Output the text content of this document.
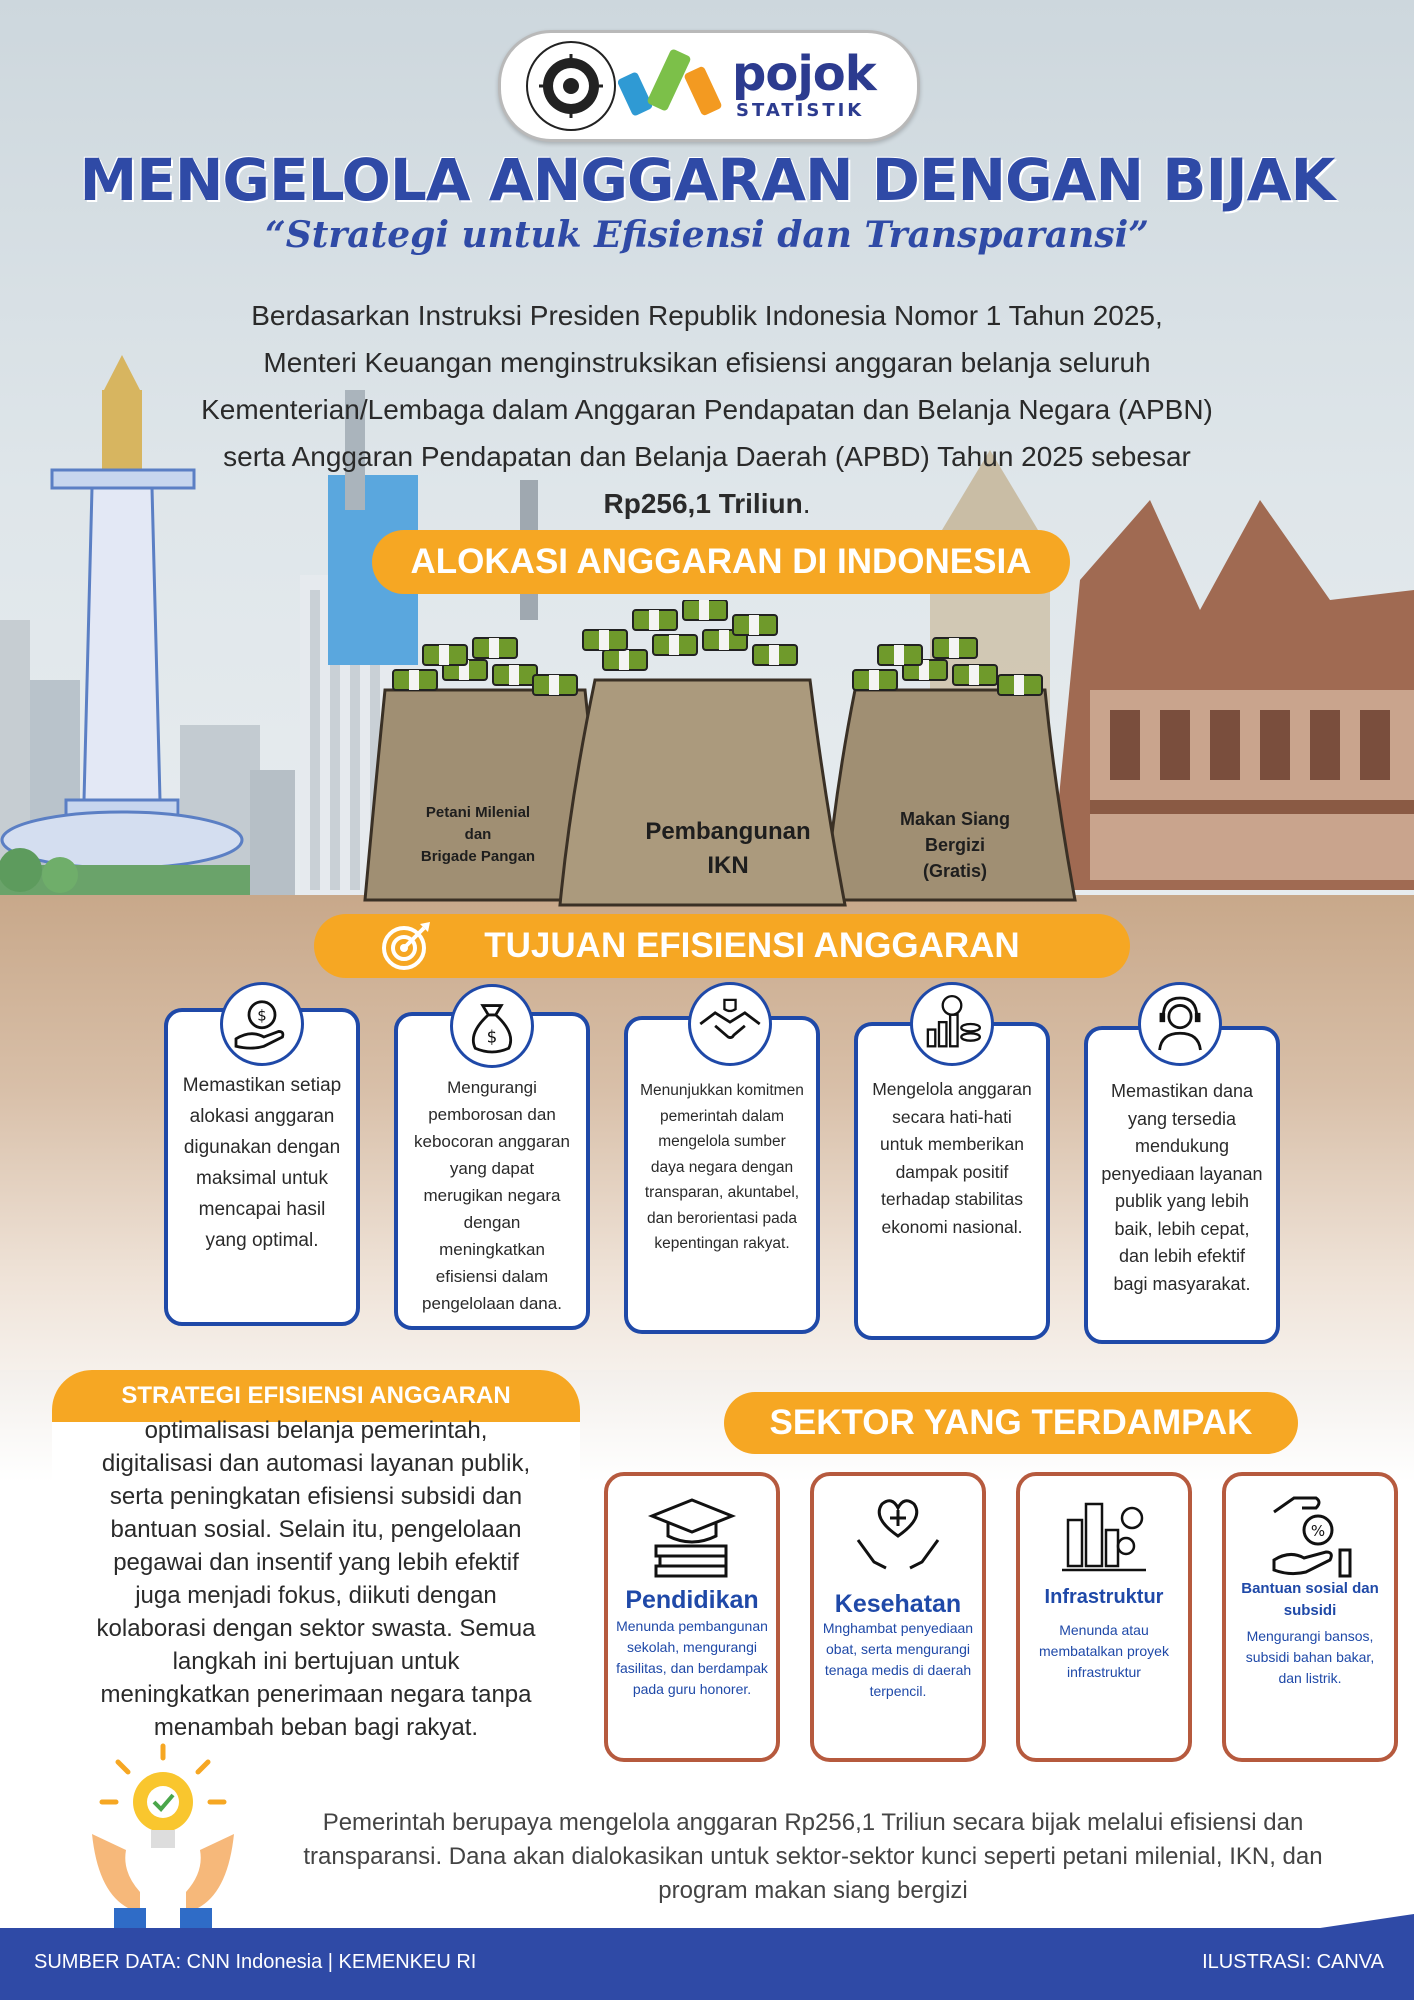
pojok
STATISTIK
MENGELOLA ANGGARAN DENGAN BIJAK
“Strategi untuk Efisiensi dan Transparansi”
Berdasarkan Instruksi Presiden Republik Indonesia Nomor 1 Tahun 2025,
Menteri Keuangan menginstruksikan efisiensi anggaran belanja seluruh
Kementerian/Lembaga dalam Anggaran Pendapatan dan Belanja Negara (APBN)
serta Anggaran Pendapatan dan Belanja Daerah (APBD) Tahun 2025 sebesar
Rp256,1 Triliun.
ALOKASI ANGGARAN DI INDONESIA
Petani Milenial
dan
Brigade Pangan
Pembangunan
IKN
Makan Siang
Bergizi
(Gratis)
TUJUAN EFISIENSI ANGGARAN
Memastikan setiap alokasi anggaran digunakan dengan maksimal untuk mencapai hasil yang optimal.
$
Mengurangi pemborosan dan kebocoran anggaran yang dapat merugikan negara dengan meningkatkan efisiensi dalam pengelolaan dana.
$
Menunjukkan komitmen pemerintah dalam mengelola sumber daya negara dengan transparan, akuntabel, dan berorientasi pada kepentingan rakyat.
Mengelola anggaran secara hati-hati untuk memberikan dampak positif terhadap stabilitas ekonomi nasional.
Memastikan dana yang tersedia mendukung penyediaan layanan publik yang lebih baik, lebih cepat, dan lebih efektif bagi masyarakat.
STRATEGI EFISIENSI ANGGARAN
optimalisasi belanja pemerintah,
digitalisasi dan automasi layanan publik,
serta peningkatan efisiensi subsidi dan
bantuan sosial. Selain itu, pengelolaan
pegawai dan insentif yang lebih efektif
juga menjadi fokus, diikuti dengan
kolaborasi dengan sektor swasta. Semua
langkah ini bertujuan untuk
meningkatkan penerimaan negara tanpa
menambah beban bagi rakyat.
SEKTOR YANG TERDAMPAK
Pendidikan
Menunda pembangunan sekolah, mengurangi fasilitas, dan berdampak pada guru honorer.
Kesehatan
Mnghambat penyediaan obat, serta mengurangi tenaga medis di daerah terpencil.
Infrastruktur
Menunda atau membatalkan proyek infrastruktur
%
Bantuan sosial dan subsidi
Mengurangi bansos, subsidi bahan bakar, dan listrik.
Pemerintah berupaya mengelola anggaran Rp256,1 Triliun secara bijak melalui efisiensi dan
transparansi. Dana akan dialokasikan untuk sektor-sektor kunci seperti petani milenial, IKN, dan
program makan siang bergizi
SUMBER DATA: CNN Indonesia | KEMENKEU RI	ILUSTRASI: CANVA
